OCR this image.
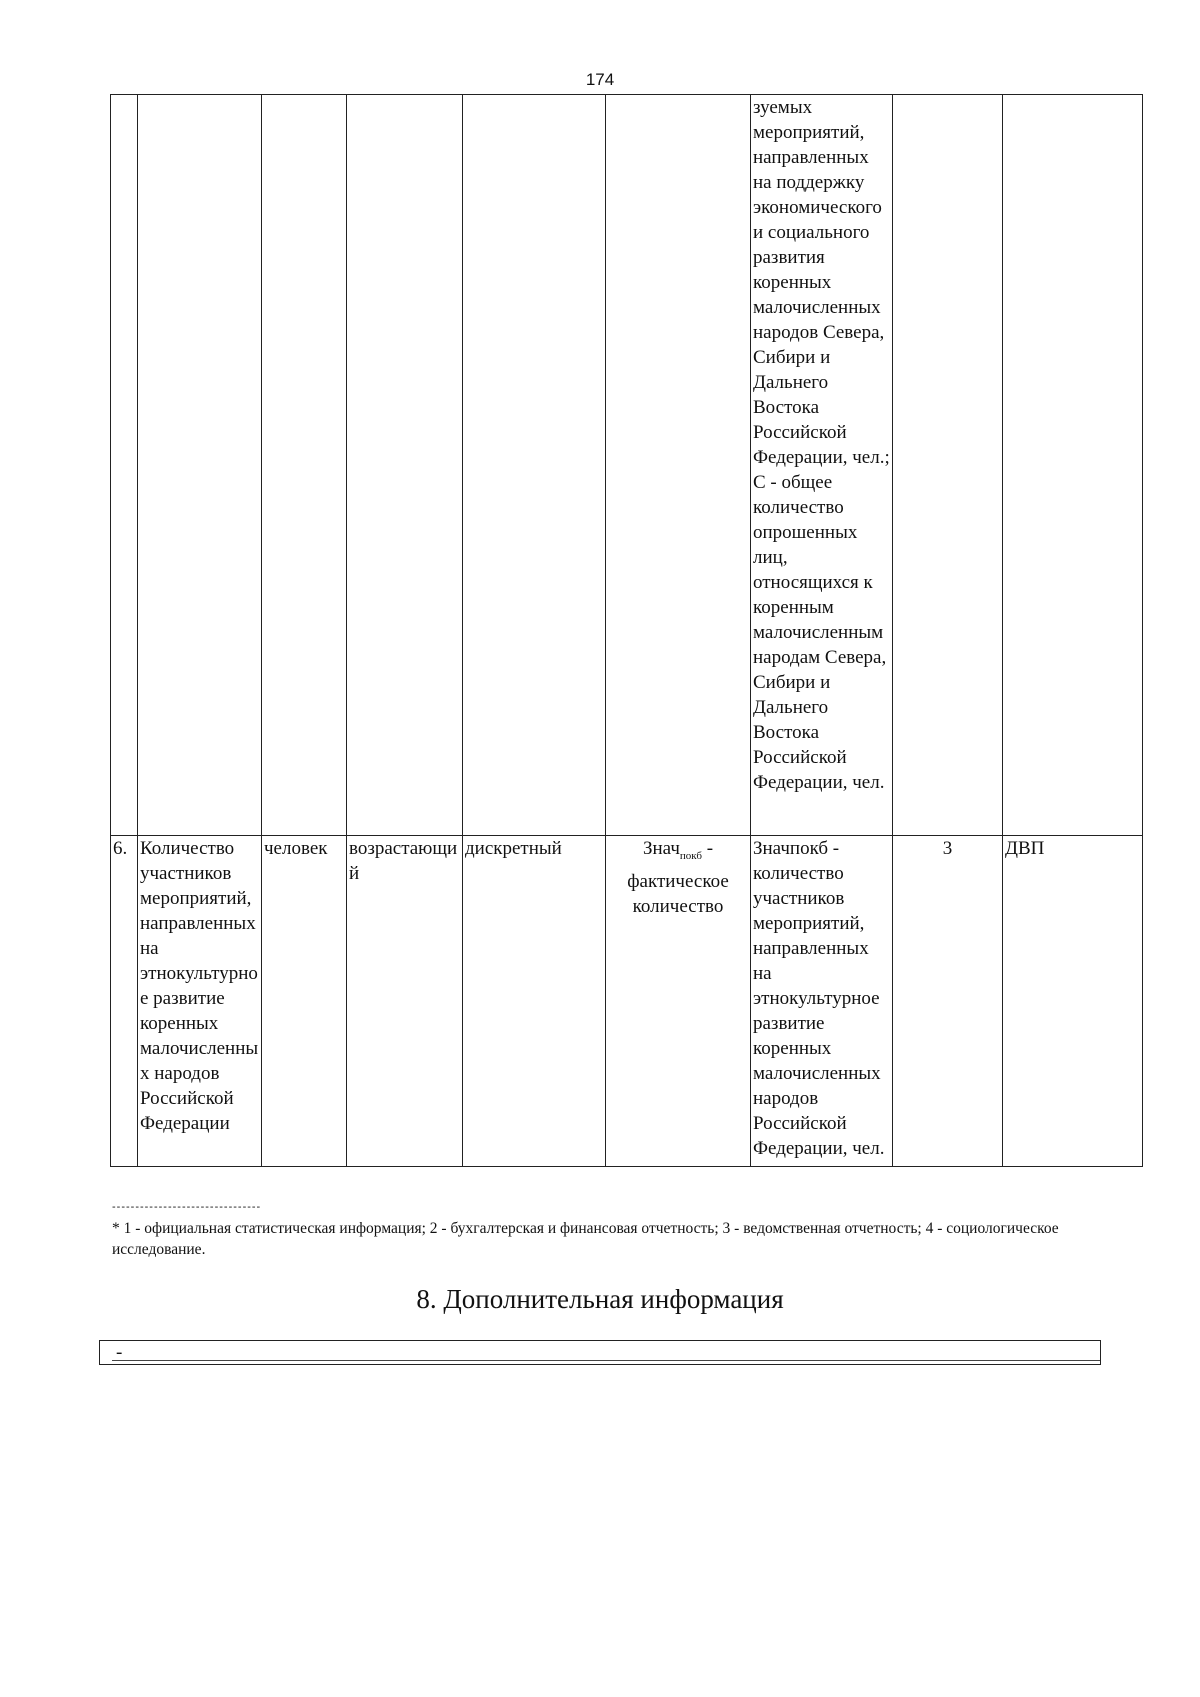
174
						зуемых мероприятий, направленных на поддержку экономического и социального развития коренных малочисленных народов Севера, Сибири и Дальнего Востока Российской Федерации, чел.;
С - общее количество опрошенных лиц, относящихся к коренным малочисленным народам Севера, Сибири и Дальнего Востока Российской Федерации, чел.		
6.	Количество участников мероприятий, направленных на этнокультурное развитие коренных малочисленных народов Российской Федерации	человек	возрастающий	дискретный	Знач$_{покб}$ - фактическое количество	Значпокб - количество участников мероприятий, направленных на этнокультурное развитие коренных малочисленных народов Российской Федерации, чел.	3	ДВП
--------------------------------
* 1 - официальная статистическая информация; 2 - бухгалтерская и финансовая отчетность; 3 - ведомственная отчетность; 4 - социологическое исследование.
8. Дополнительная информация
-
